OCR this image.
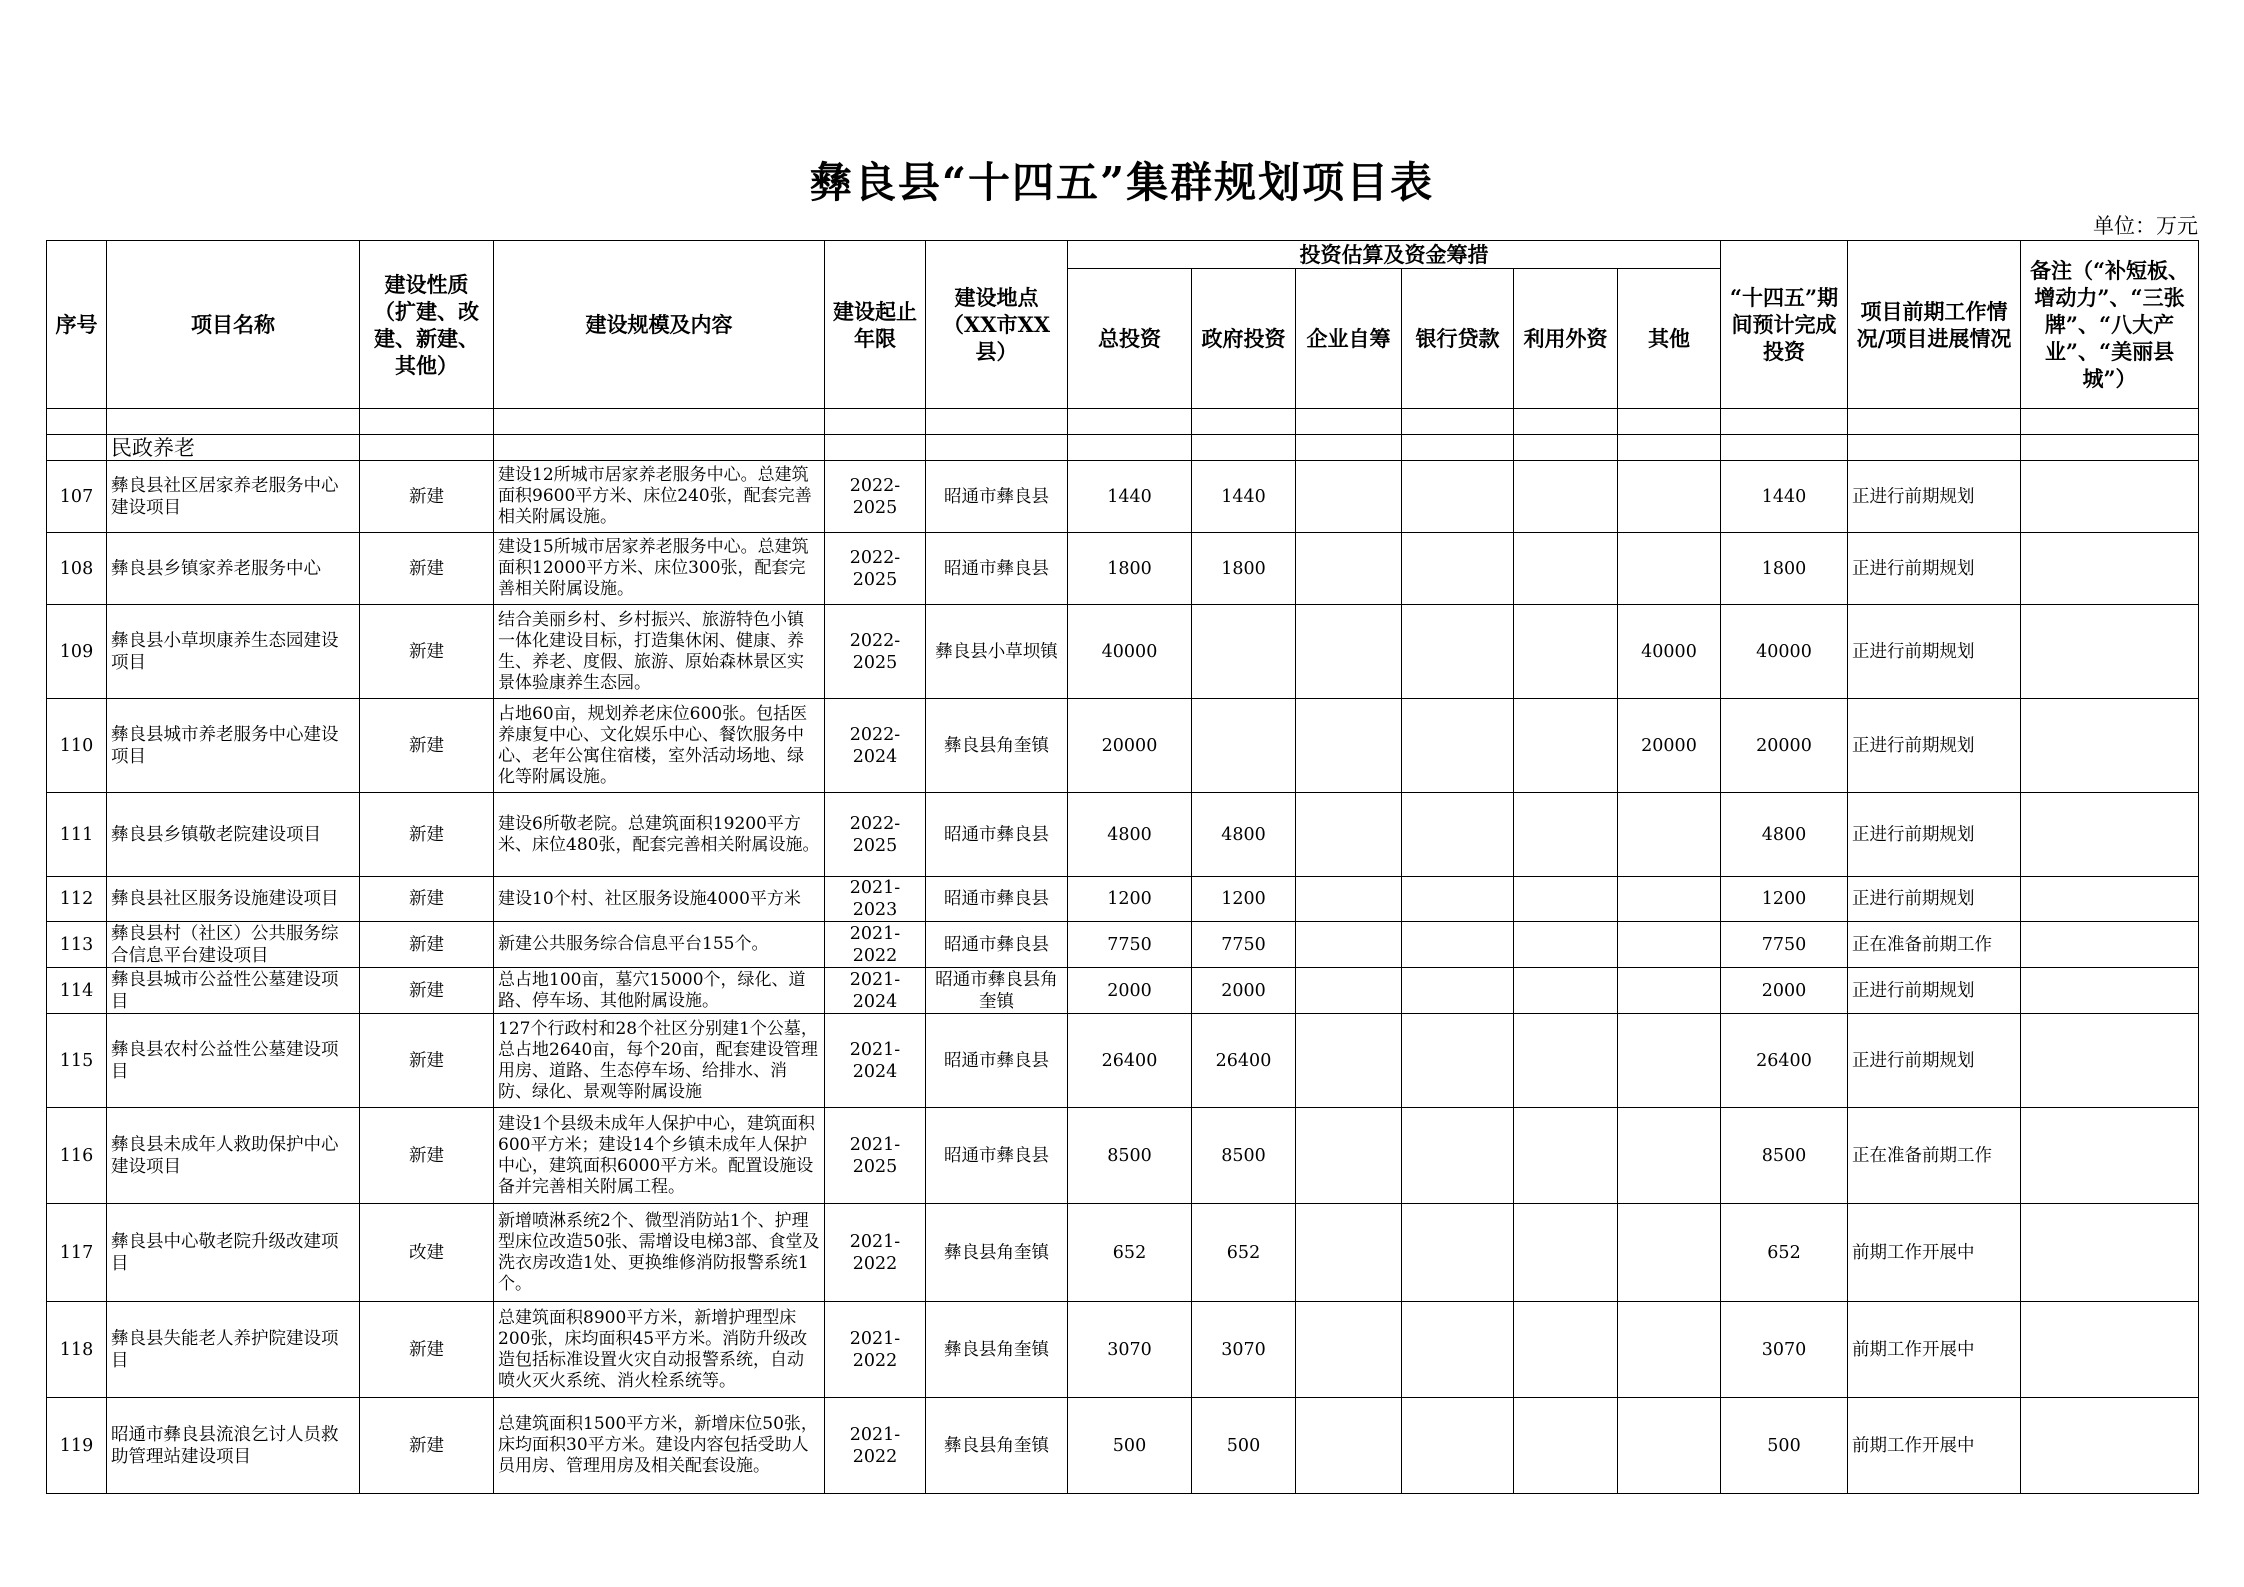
彝良县“十四五”集群规划项目表
单位：万元
序号	项目名称	建设性质（扩建、改建、新建、其他）	建设规模及内容	建设起止年限	建设地点（XX市XX县）	投资估算及资金筹措						“十四五”期间预计完成投资	项目前期工作情况/项目进展情况	备注（“补短板、增动力”、“三张牌”、“八大产业”、“美丽县城”）
						总投资	政府投资	企业自筹	银行贷款	利用外资	其他			

	民政养老													
107	彝良县社区居家养老服务中心建设项目	新建	建设12所城市居家养老服务中心。总建筑面积9600平方米、床位240张，配套完善相关附属设施。	2022-2025	昭通市彝良县	1440	1440					1440	正进行前期规划	
108	彝良县乡镇家养老服务中心	新建	建设15所城市居家养老服务中心。总建筑面积12000平方米、床位300张，配套完善相关附属设施。	2022-2025	昭通市彝良县	1800	1800					1800	正进行前期规划	
109	彝良县小草坝康养生态园建设项目	新建	结合美丽乡村、乡村振兴、旅游特色小镇一体化建设目标，打造集休闲、健康、养生、养老、度假、旅游、原始森林景区实景体验康养生态园。	2022-2025	彝良县小草坝镇	40000					40000	40000	正进行前期规划	
110	彝良县城市养老服务中心建设项目	新建	占地60亩，规划养老床位600张。包括医养康复中心、文化娱乐中心、餐饮服务中心、老年公寓住宿楼，室外活动场地、绿化等附属设施。	2022-2024	彝良县角奎镇	20000					20000	20000	正进行前期规划	
111	彝良县乡镇敬老院建设项目	新建	建设6所敬老院。总建筑面积19200平方米、床位480张，配套完善相关附属设施。	2022-2025	昭通市彝良县	4800	4800					4800	正进行前期规划	
112	彝良县社区服务设施建设项目	新建	建设10个村、社区服务设施4000平方米	2021-2023	昭通市彝良县	1200	1200					1200	正进行前期规划	
113	彝良县村（社区）公共服务综合信息平台建设项目	新建	新建公共服务综合信息平台155个。	2021-2022	昭通市彝良县	7750	7750					7750	正在准备前期工作	
114	彝良县城市公益性公墓建设项目	新建	总占地100亩，墓穴15000个，绿化、道路、停车场、其他附属设施。	2021-2024	昭通市彝良县角奎镇	2000	2000					2000	正进行前期规划	
115	彝良县农村公益性公墓建设项目	新建	127个行政村和28个社区分别建1个公墓，总占地2640亩，每个20亩，配套建设管理用房、道路、生态停车场、给排水、消防、绿化、景观等附属设施	2021-2024	昭通市彝良县	26400	26400					26400	正进行前期规划	
116	彝良县未成年人救助保护中心建设项目	新建	建设1个县级未成年人保护中心，建筑面积600平方米；建设14个乡镇未成年人保护中心，建筑面积6000平方米。配置设施设备并完善相关附属工程。	2021-2025	昭通市彝良县	8500	8500					8500	正在准备前期工作	
117	彝良县中心敬老院升级改建项目	改建	新增喷淋系统2个、微型消防站1个、护理型床位改造50张、需增设电梯3部、食堂及洗衣房改造1处、更换维修消防报警系统1个。	2021-2022	彝良县角奎镇	652	652					652	前期工作开展中	
118	彝良县失能老人养护院建设项目	新建	总建筑面积8900平方米，新增护理型床200张，床均面积45平方米。消防升级改造包括标准设置火灾自动报警系统，自动喷火灭火系统、消火栓系统等。	2021-2022	彝良县角奎镇	3070	3070					3070	前期工作开展中	
119	昭通市彝良县流浪乞讨人员救助管理站建设项目	新建	总建筑面积1500平方米，新增床位50张，床均面积30平方米。建设内容包括受助人员用房、管理用房及相关配套设施。	2021-2022	彝良县角奎镇	500	500					500	前期工作开展中	
